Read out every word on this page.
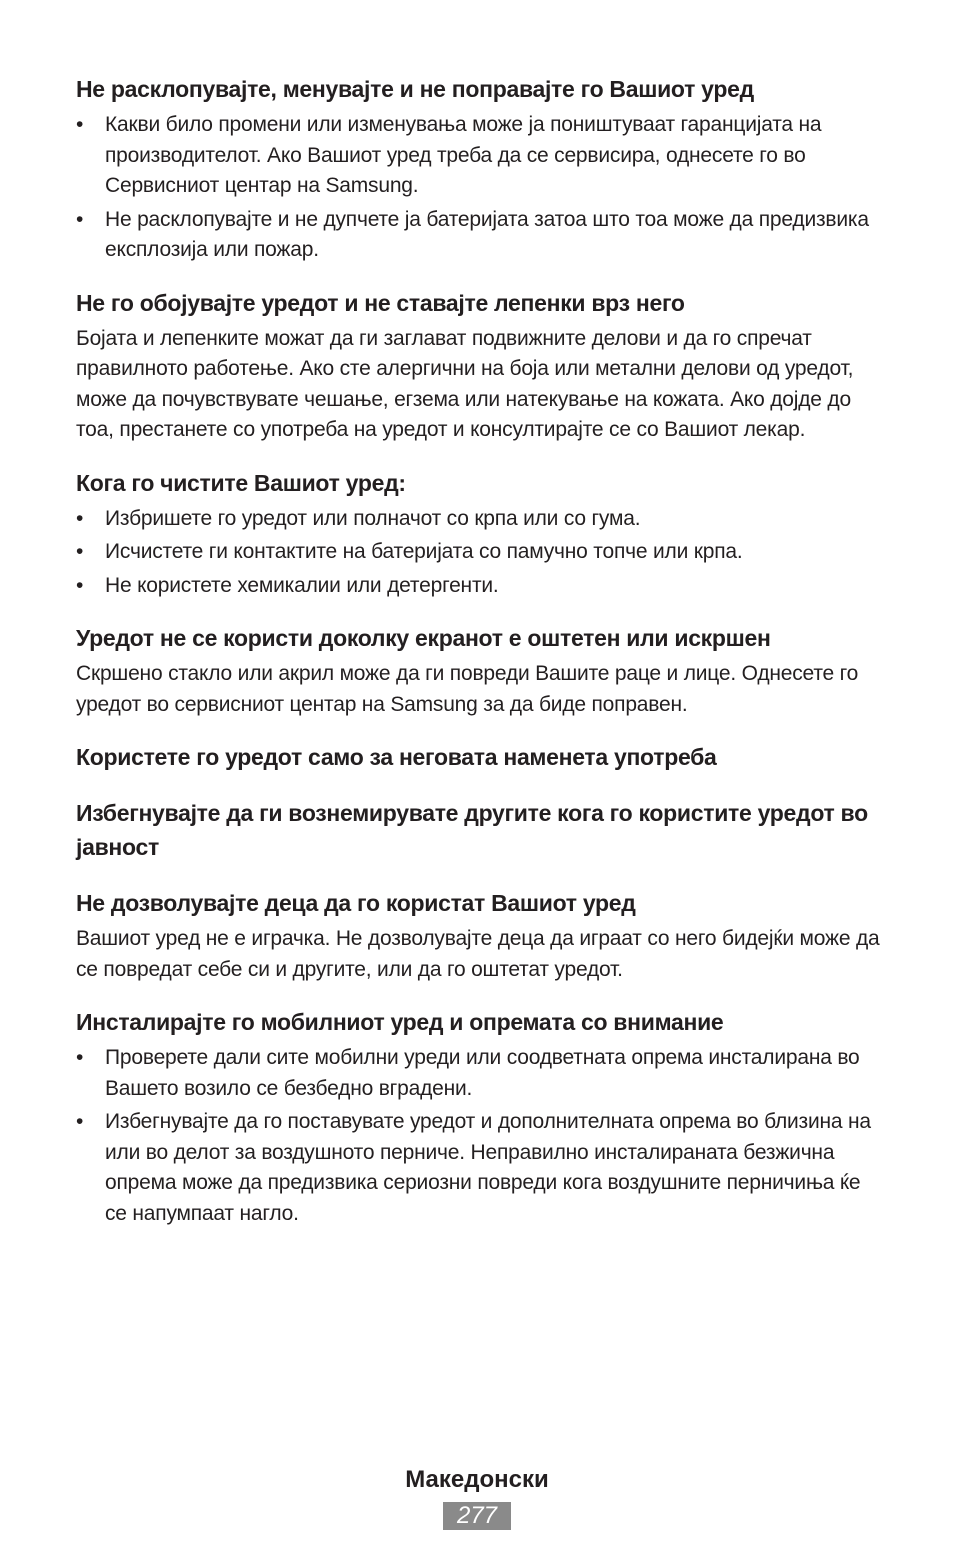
Не расклопувајте, менувајте и не поправајте го Вашиот уред
• Какви било промени или изменувања може ја поништуваат гаранцијата на производителот. Ако Вашиот уред треба да се сервисира, однесете го во Сервисниот центар на Samsung.
• Не расклопувајте и не дупчете ја батеријата затоа што тоа може да предизвика експлозија или пожар.
Не го обојувајте уредот и не ставајте лепенки врз него

Бојата и лепенките можат да ги заглават подвижните делови и да го спречат правилното работење. Ако сте алергични на боја или метални делови од уредот, може да почувствувате чешање, егзема или натекување на кожата. Ако дојде до тоа, престанете со употреба на уредот и консултирајте се со Вашиот лекар.

Кога го чистите Вашиот уред:
• Избришете го уредот или полначот со крпа или со гума.
• Исчистете ги контактите на батеријата со памучно топче или крпа.
• Не користете хемикалии или детергенти.
Уредот не се користи доколку екранот е оштетен или искршен

Скршено стакло или акрил може да ги повреди Вашите раце и лице. Однесете го уредот во сервисниот центар на Samsung за да биде поправен.

Користете го уредот само за неговата наменета употреба
Избегнувајте да ги вознемирувате другите кога го користите уредот во јавност
Не дозволувајте деца да го користат Вашиот уред

Вашиот уред не е играчка. Не дозволувајте деца да играат со него бидејќи може да се повредат себе си и другите, или да го оштетат уредот.

Инсталирајте го мобилниот уред и опремата со внимание
• Проверете дали сите мобилни уреди или соодветната опрема инсталирана во Вашето возило се безбедно вградени.
• Избегнувајте да го поставувате уредот и дополнителната опрема во близина на или во делот за воздушното перниче. Неправилно инсталираната безжична опрема може да предизвика сериозни повреди кога воздушните перничиња ќе се напумпаат нагло.
Македонски
277
